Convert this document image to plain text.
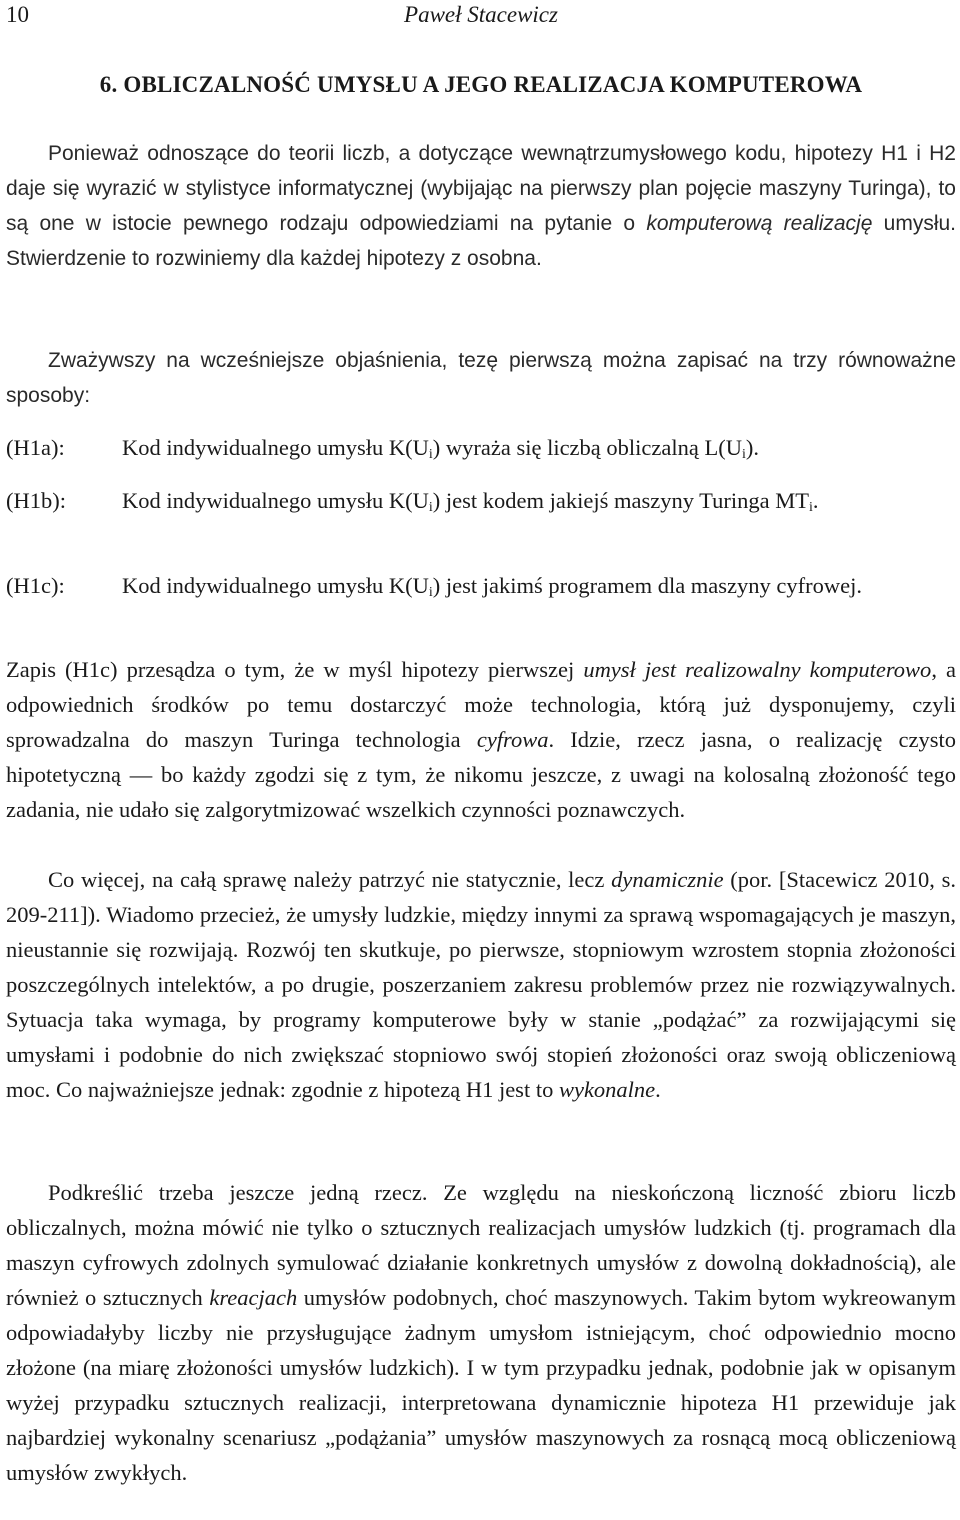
10	Paweł Stacewicz
6. OBLICZALNOŚĆ UMYSŁU A JEGO REALIZACJA KOMPUTEROWA
Ponieważ odnoszące do teorii liczb, a dotyczące wewnątrzumysłowego kodu, hipotezy H1 i H2 daje się wyrazić w stylistyce informatycznej (wybijając na pierwszy plan pojęcie maszyny Turinga), to są one w istocie pewnego rodzaju odpowiedziami na pytanie o komputerową realizację umysłu. Stwierdzenie to rozwiniemy dla każdej hipotezy z osobna.
Zważywszy na wcześniejsze objaśnienia, tezę pierwszą można zapisać na trzy równoważne sposoby:
(H1a):	Kod indywidualnego umysłu $K(U_i)$ wyraża się liczbą obliczalną $L(U_i)$.
(H1b): Kod indywidualnego umysłu $K(U_i)$ jest kodem jakiejś maszyny Turinga $MT_i$.
(H1c):	Kod indywidualnego umysłu $K(U_i)$ jest jakimś programem dla maszyny cyfrowej.
Zapis (H1c) przesądza o tym, że w myśl hipotezy pierwszej umysł jest realizowalny komputerowo, a odpowiednich środków po temu dostarczyć może technologia, którą już dysponujemy, czyli sprowadzalna do maszyn Turinga technologia cyfrowa. Idzie, rzecz jasna, o realizację czysto hipotetyczną — bo każdy zgodzi się z tym, że nikomu jeszcze, z uwagi na kolosalną złożoność tego zadania, nie udało się zalgorytmizować wszelkich czynności poznawczych.
Co więcej, na całą sprawę należy patrzyć nie statycznie, lecz dynamicznie (por. [Stacewicz 2010, s. 209-211]). Wiadomo przecież, że umysły ludzkie, między innymi za sprawą wspomagających je maszyn, nieustannie się rozwijają. Rozwój ten skutkuje, po pierwsze, stopniowym wzrostem stopnia złożoności poszczególnych intelektów, a po drugie, poszerzaniem zakresu problemów przez nie rozwiązywalnych. Sytuacja taka wymaga, by programy komputerowe były w stanie „podążać” za rozwijającymi się umysłami i podobnie do nich zwiększać stopniowo swój stopień złożoności oraz swoją obliczeniową moc. Co najważniejsze jednak: zgodnie z hipotezą H1 jest to wykonalne.
Podkreślić trzeba jeszcze jedną rzecz. Ze względu na nieskończoną liczność zbioru liczb obliczalnych, można mówić nie tylko o sztucznych realizacjach umysłów ludzkich (tj. programach dla maszyn cyfrowych zdolnych symulować działanie konkretnych umysłów z dowolną dokładnością), ale również o sztucznych kreacjach umysłów podobnych, choć maszynowych. Takim bytom wykreowanym odpowiadałyby liczby nie przysługujące żadnym umysłom istniejącym, choć odpowiednio mocno złożone (na miarę złożoności umysłów ludzkich). I w tym przypadku jednak, podobnie jak w opisanym wyżej przypadku sztucznych realizacji, interpretowana dynamicznie hipoteza H1 przewiduje jak najbardziej wykonalny scenariusz „podążania” umysłów maszynowych za rosnącą mocą obliczeniową umysłów zwykłych.
